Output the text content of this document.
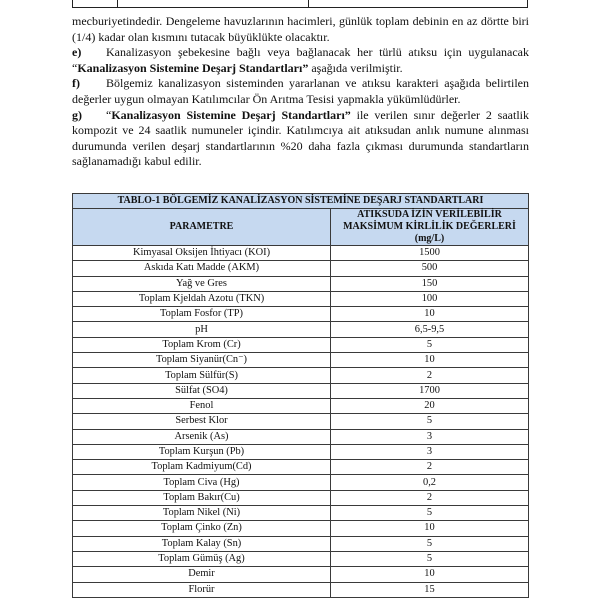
mecburiyetindedir. Dengeleme havuzlarının hacimleri, günlük toplam debinin en az dörtte biri (1/4) kadar olan kısmını tutacak büyüklükte olacaktır.

e) Kanalizasyon şebekesine bağlı veya bağlanacak her türlü atıksu için uygulanacak “Kanalizasyon Sistemine Deşarj Standartları” aşağıda verilmiştir.

f) Bölgemiz kanalizasyon sisteminden yararlanan ve atıksu karakteri aşağıda belirtilen değerler uygun olmayan Katılımcılar Ön Arıtma Tesisi yapmakla yükümlüdürler.

g) “Kanalizasyon Sistemine Deşarj Standartları” ile verilen sınır değerler 2 saatlik kompozit ve 24 saatlik numuneler içindir. Katılımcıya ait atıksudan anlık numune alınması durumunda verilen deşarj standartlarının %20 daha fazla çıkması durumunda standartların sağlanamadığı kabul edilir.

TABLO-1 BÖLGEMİZ KANALİZASYON SİSTEMİNE DEŞARJ STANDARTLARI	
PARAMETRE	ATIKSUDA İZİN VERİLEBİLİR MAKSİMUM KİRLİLİK DEĞERLERİ (mg/L)
Kimyasal Oksijen İhtiyacı (KOI)	1500
Askıda Katı Madde (AKM)	500
Yağ ve Gres	150
Toplam Kjeldah Azotu (TKN)	100
Toplam Fosfor (TP)	10
pH	6,5-9,5
Toplam Krom (Cr)	5
Toplam Siyanür(Cn⁻)	10
Toplam Sülfür(S)	2
Sülfat (SO4)	1700
Fenol	20
Serbest Klor	5
Arsenik (As)	3
Toplam Kurşun (Pb)	3
Toplam Kadmiyum(Cd)	2
Toplam Civa (Hg)	0,2
Toplam Bakır(Cu)	2
Toplam Nikel (Ni)	5
Toplam Çinko (Zn)	10
Toplam Kalay (Sn)	5
Toplam Gümüş (Ag)	5
Demir	10
Florür	15
